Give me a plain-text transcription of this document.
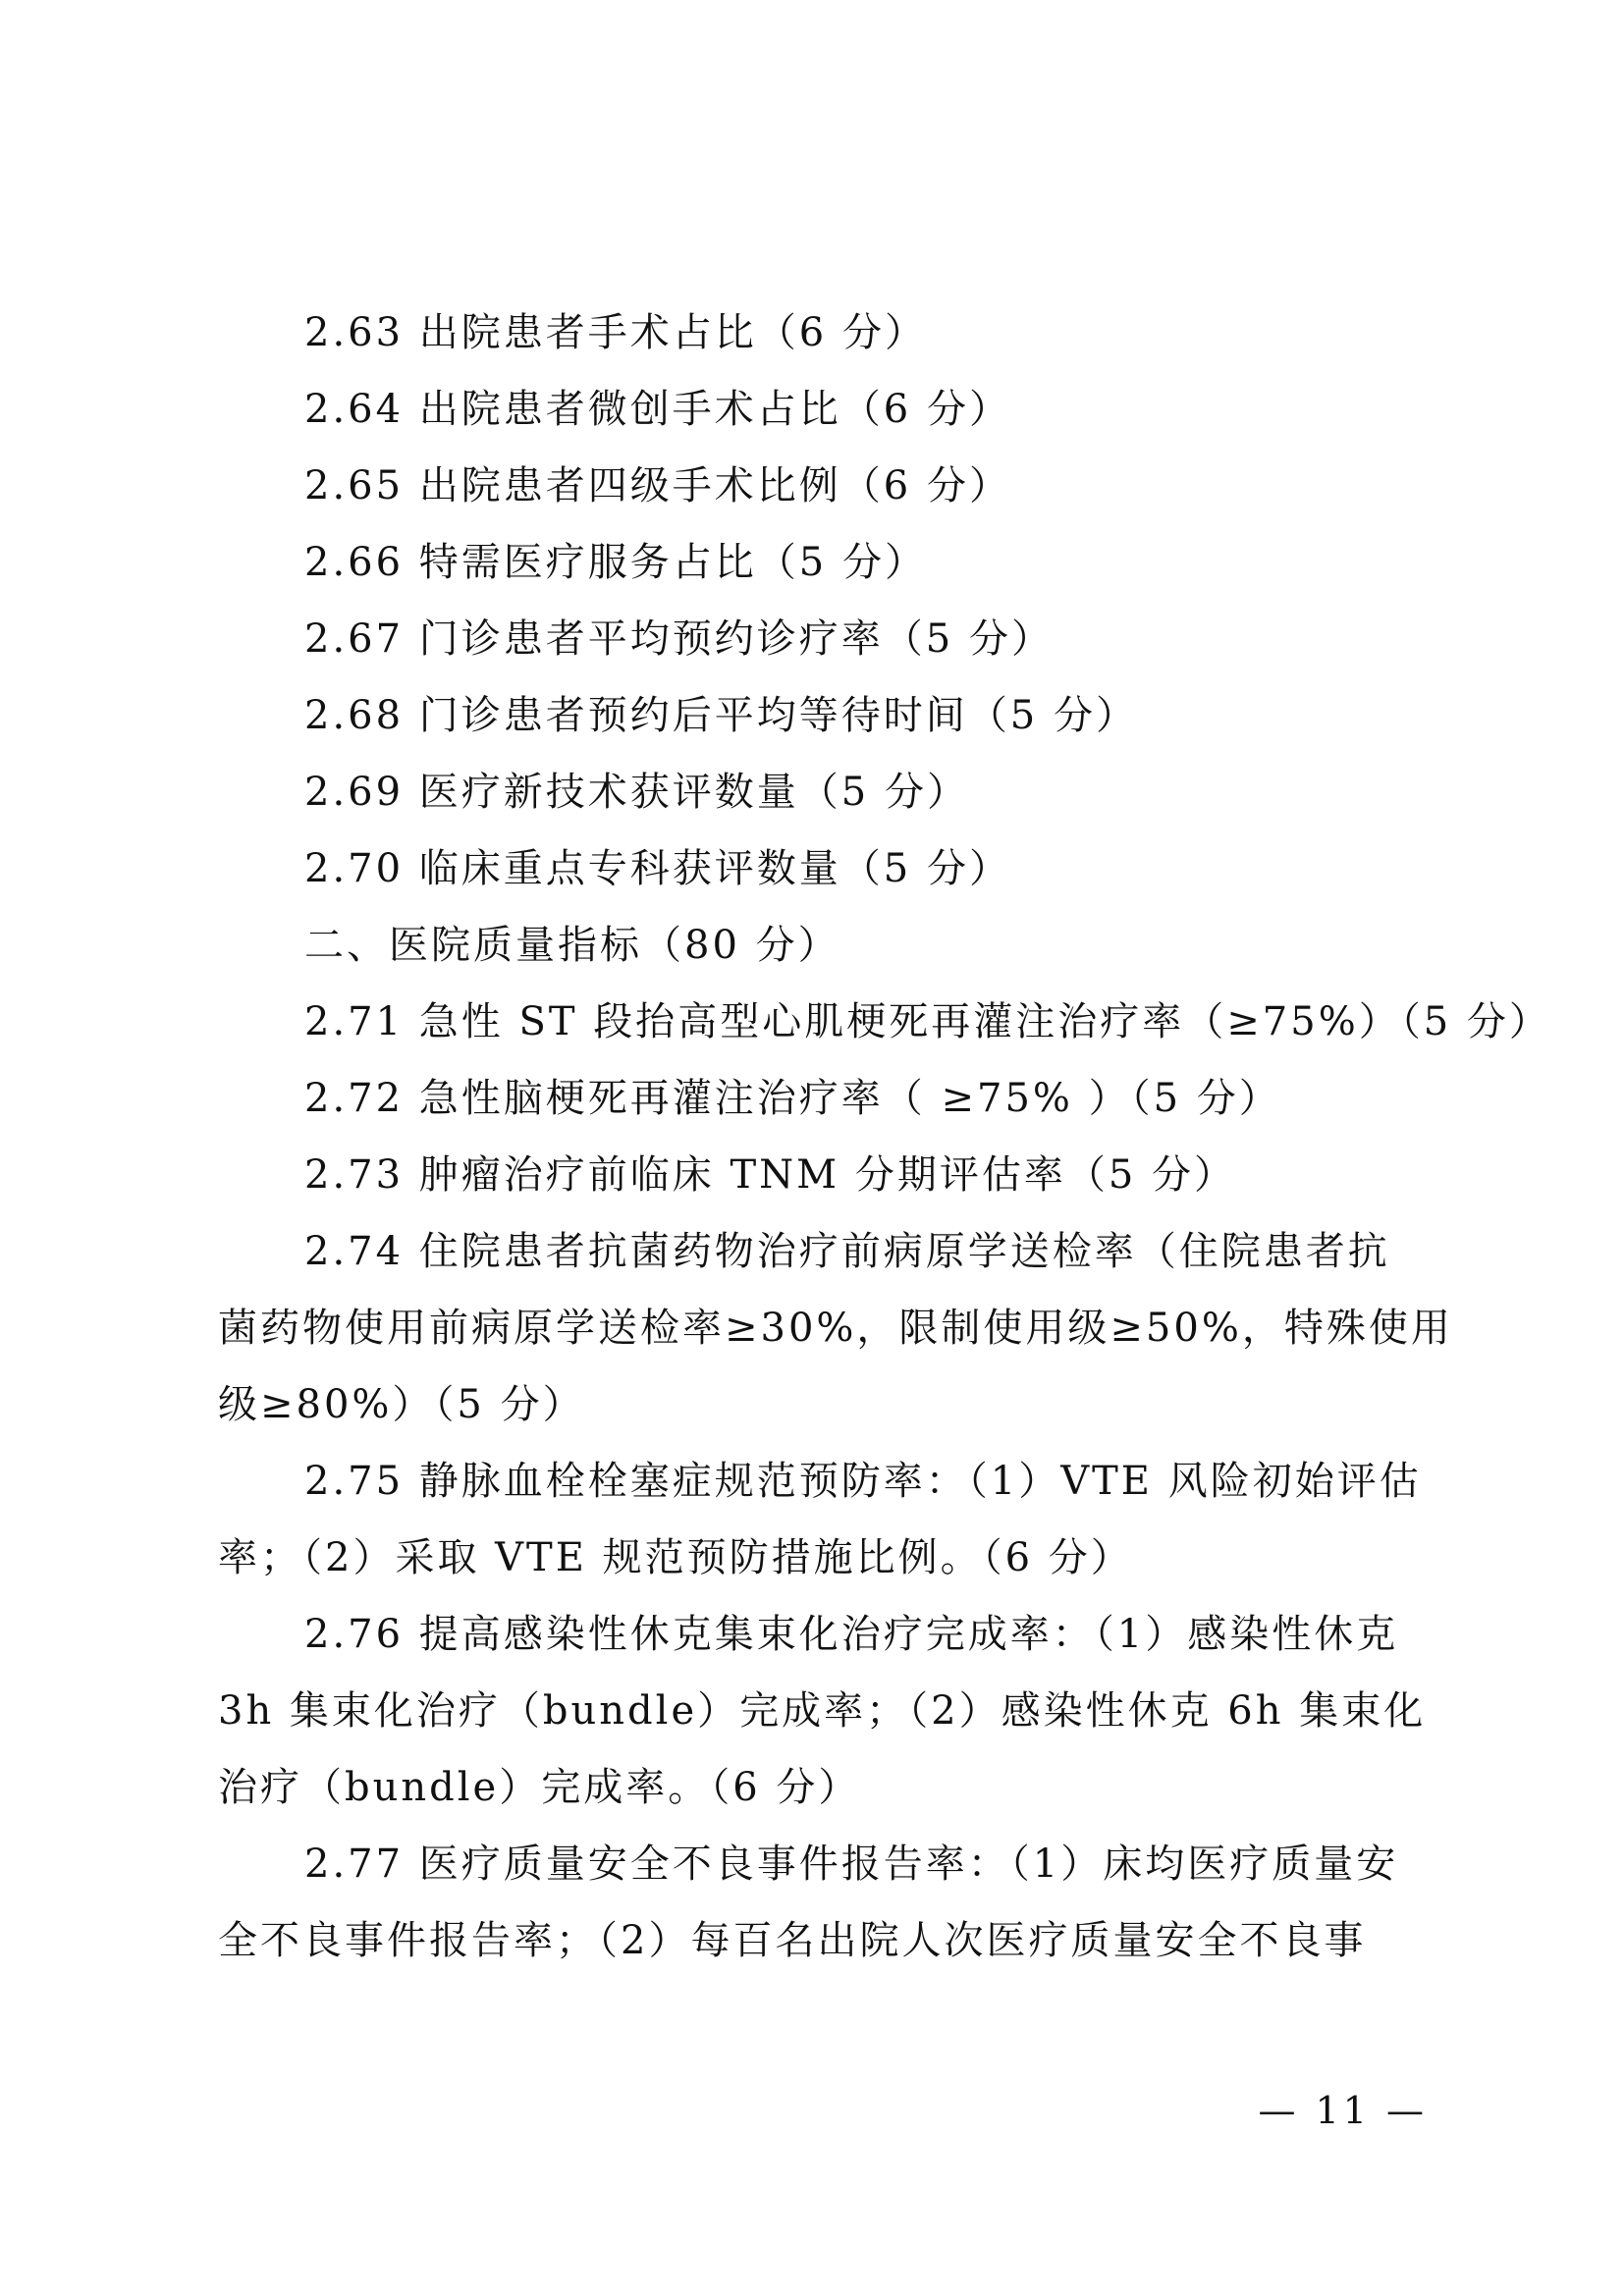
2.63 出院患者手术占比（6 分）
2.64 出院患者微创手术占比（6 分）
2.65 出院患者四级手术比例（6 分）
2.66 特需医疗服务占比（5 分）
2.67 门诊患者平均预约诊疗率（5 分）
2.68 门诊患者预约后平均等待时间（5 分）
2.69 医疗新技术获评数量（5 分）
2.70 临床重点专科获评数量（5 分）
二、医院质量指标（80 分）
2.71 急性 ST 段抬高型心肌梗死再灌注治疗率（≥75%）（5 分）
2.72 急性脑梗死再灌注治疗率（ ≥75% ）（5 分）
2.73 肿瘤治疗前临床 TNM 分期评估率（5 分）
2.74 住院患者抗菌药物治疗前病原学送检率（住院患者抗
菌药物使用前病原学送检率≥30%，限制使用级≥50%，特殊使用
级≥80%）（5 分）
2.75 静脉血栓栓塞症规范预防率：（1）VTE 风险初始评估
率；（2）采取 VTE 规范预防措施比例。（6 分）
2.76 提高感染性休克集束化治疗完成率：（1）感染性休克
3h 集束化治疗（bundle）完成率；（2）感染性休克 6h 集束化
治疗（bundle）完成率。（6 分）
2.77 医疗质量安全不良事件报告率：（1）床均医疗质量安
全不良事件报告率；（2）每百名出院人次医疗质量安全不良事
— 11 —
